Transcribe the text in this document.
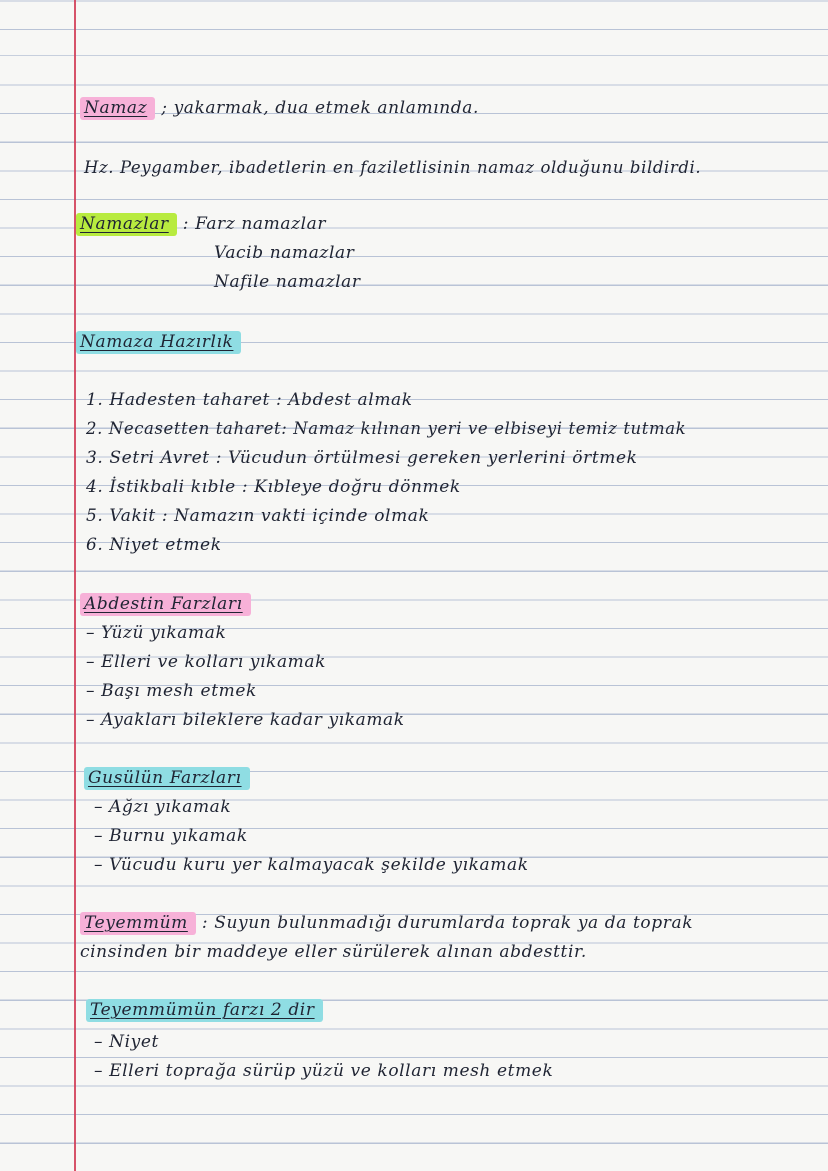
Namaz ; yakarmak, dua etmek anlamında.
Hz. Peygamber, ibadetlerin en faziletlisinin namaz olduğunu bildirdi.
Namazlar : Farz namazlar
Vacib namazlar
Nafile namazlar
Namaza Hazırlık
1. Hadesten taharet : Abdest almak
2. Necasetten taharet: Namaz kılınan yeri ve elbiseyi temiz tutmak
3. Setri Avret : Vücudun örtülmesi gereken yerlerini örtmek
4. İstikbali kıble : Kıbleye doğru dönmek
5. Vakit : Namazın vakti içinde olmak
6. Niyet etmek
Abdestin Farzları
– Yüzü yıkamak
– Elleri ve kolları yıkamak
– Başı mesh etmek
– Ayakları bileklere kadar yıkamak
Gusülün Farzları
– Ağzı yıkamak
– Burnu yıkamak
– Vücudu kuru yer kalmayacak şekilde yıkamak
Teyemmüm : Suyun bulunmadığı durumlarda toprak ya da toprak
cinsinden bir maddeye eller sürülerek alınan abdesttir.
Teyemmümün farzı 2 dir
– Niyet
– Elleri toprağa sürüp yüzü ve kolları mesh etmek
